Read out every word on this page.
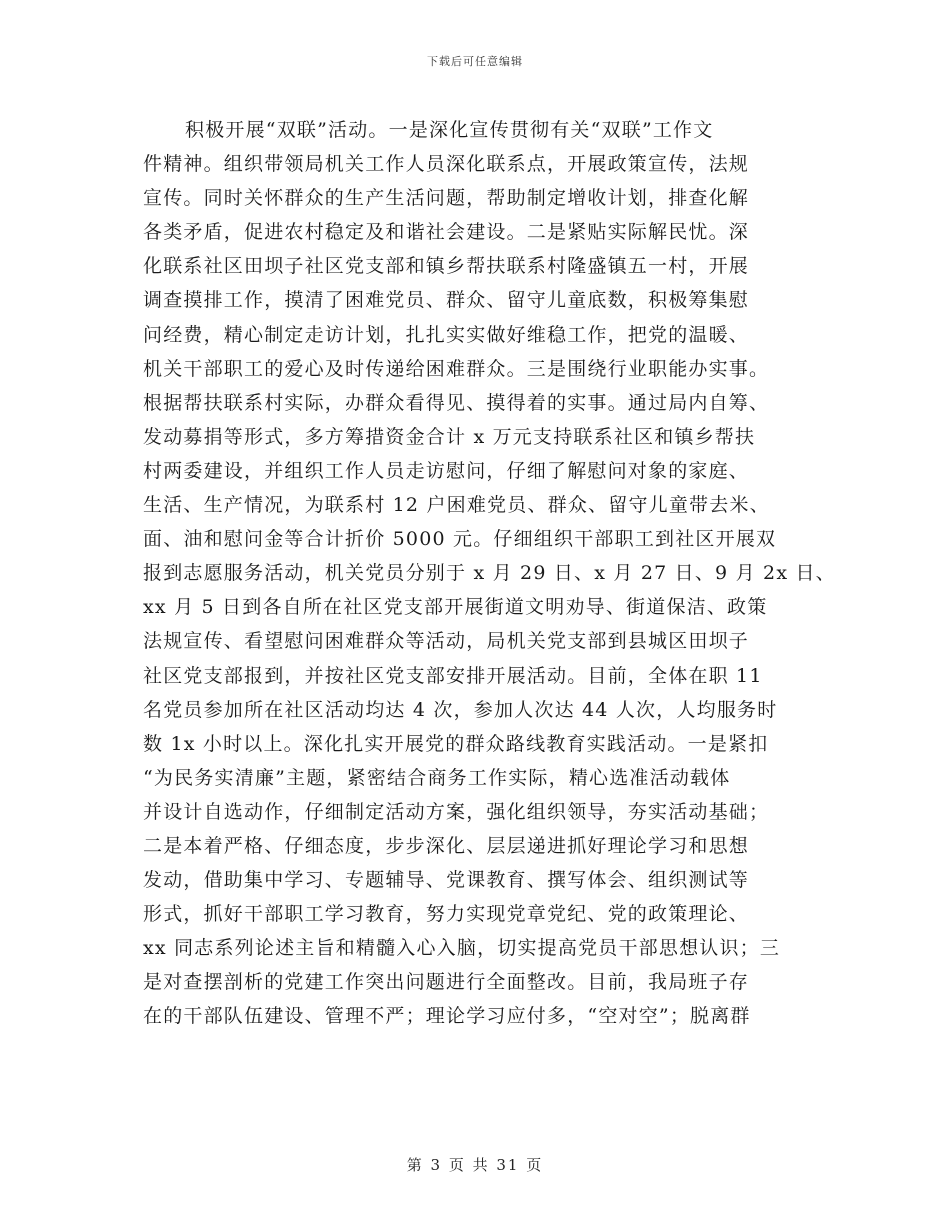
下载后可任意编辑
积极开展“双联”活动。一是深化宣传贯彻有关“双联”工作文
件精神。组织带领局机关工作人员深化联系点，开展政策宣传，法规
宣传。同时关怀群众的生产生活问题，帮助制定增收计划，排查化解
各类矛盾，促进农村稳定及和谐社会建设。二是紧贴实际解民忧。深
化联系社区田坝子社区党支部和镇乡帮扶联系村隆盛镇五一村，开展
调查摸排工作，摸清了困难党员、群众、留守儿童底数，积极筹集慰
问经费，精心制定走访计划，扎扎实实做好维稳工作，把党的温暖、
机关干部职工的爱心及时传递给困难群众。三是围绕行业职能办实事。
根据帮扶联系村实际，办群众看得见、摸得着的实事。通过局内自筹、
发动募捐等形式，多方筹措资金合计 x 万元支持联系社区和镇乡帮扶
村两委建设，并组织工作人员走访慰问，仔细了解慰问对象的家庭、
生活、生产情况，为联系村 12 户困难党员、群众、留守儿童带去米、
面、油和慰问金等合计折价 5000 元。仔细组织干部职工到社区开展双
报到志愿服务活动，机关党员分别于 x 月 29 日、x 月 27 日、9 月 2x 日、
xx 月 5 日到各自所在社区党支部开展街道文明劝导、街道保洁、政策
法规宣传、看望慰问困难群众等活动，局机关党支部到县城区田坝子
社区党支部报到，并按社区党支部安排开展活动。目前，全体在职 11
名党员参加所在社区活动均达 4 次，参加人次达 44 人次，人均服务时
数 1x 小时以上。深化扎实开展党的群众路线教育实践活动。一是紧扣
“为民务实清廉”主题，紧密结合商务工作实际，精心选准活动载体
并设计自选动作，仔细制定活动方案，强化组织领导，夯实活动基础；
二是本着严格、仔细态度，步步深化、层层递进抓好理论学习和思想
发动，借助集中学习、专题辅导、党课教育、撰写体会、组织测试等
形式，抓好干部职工学习教育，努力实现党章党纪、党的政策理论、
xx 同志系列论述主旨和精髓入心入脑，切实提高党员干部思想认识；三
是对查摆剖析的党建工作突出问题进行全面整改。目前，我局班子存
在的干部队伍建设、管理不严；理论学习应付多，“空对空”；脱离群
第 3 页 共 31 页
